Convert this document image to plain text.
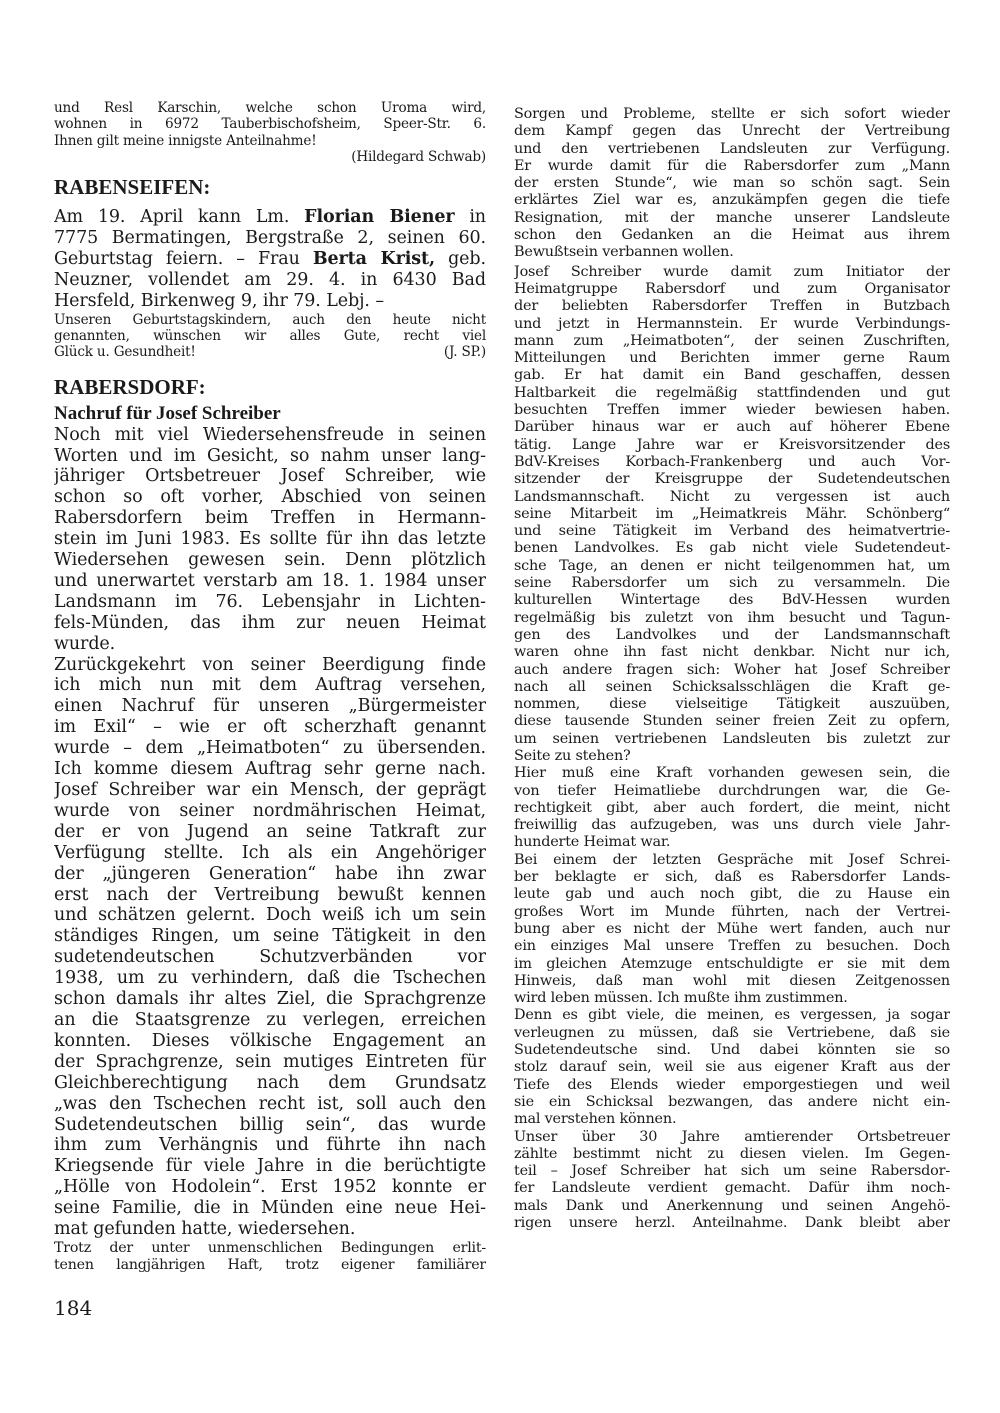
und Resl Karschin, welche schon Uroma wird,
wohnen in 6972 Tauberbischofsheim, Speer-Str. 6.
Ihnen gilt meine innigste Anteilnahme!
(Hildegard Schwab)
RABENSEIFEN:
Am 19. April kann Lm. Florian Biener in
7775 Bermatingen, Bergstraße 2, seinen 60.
Geburtstag feiern. – Frau Berta Krist, geb.
Neuzner, vollendet am 29. 4. in 6430 Bad
Hersfeld, Birkenweg 9, ihr 79. Lebj. –
Unseren Geburtstagskindern, auch den heute nicht
genannten, wünschen wir alles Gute, recht viel
Glück u. Gesundheit!	(J. SP.)
RABERSDORF:
Nachruf für Josef Schreiber
Noch mit viel Wiedersehensfreude in seinen
Worten und im Gesicht, so nahm unser lang-
jähriger Ortsbetreuer Josef Schreiber, wie
schon so oft vorher, Abschied von seinen
Rabersdorfern beim Treffen in Hermann-
stein im Juni 1983. Es sollte für ihn das letzte
Wiedersehen gewesen sein. Denn plötzlich
und unerwartet verstarb am 18. 1. 1984 unser
Landsmann im 76. Lebensjahr in Lichten-
fels-Münden, das ihm zur neuen Heimat
wurde.
Zurückgekehrt von seiner Beerdigung finde
ich mich nun mit dem Auftrag versehen,
einen Nachruf für unseren „Bürgermeister
im Exil“ – wie er oft scherzhaft genannt
wurde – dem „Heimatboten“ zu übersenden.
Ich komme diesem Auftrag sehr gerne nach.
Josef Schreiber war ein Mensch, der geprägt
wurde von seiner nordmährischen Heimat,
der er von Jugend an seine Tatkraft zur
Verfügung stellte. Ich als ein Angehöriger
der „jüngeren Generation“ habe ihn zwar
erst nach der Vertreibung bewußt kennen
und schätzen gelernt. Doch weiß ich um sein
ständiges Ringen, um seine Tätigkeit in den
sudetendeutschen Schutzverbänden vor
1938, um zu verhindern, daß die Tschechen
schon damals ihr altes Ziel, die Sprachgrenze
an die Staatsgrenze zu verlegen, erreichen
konnten. Dieses völkische Engagement an
der Sprachgrenze, sein mutiges Eintreten für
Gleichberechtigung nach dem Grundsatz
„was den Tschechen recht ist, soll auch den
Sudetendeutschen billig sein“, das wurde
ihm zum Verhängnis und führte ihn nach
Kriegsende für viele Jahre in die berüchtigte
„Hölle von Hodolein“. Erst 1952 konnte er
seine Familie, die in Münden eine neue Hei-
mat gefunden hatte, wiedersehen.
Trotz der unter unmenschlichen Bedingungen erlit-
tenen langjährigen Haft, trotz eigener familiärer
Sorgen und Probleme, stellte er sich sofort wieder
dem Kampf gegen das Unrecht der Vertreibung
und den vertriebenen Landsleuten zur Verfügung.
Er wurde damit für die Rabersdorfer zum „Mann
der ersten Stunde“, wie man so schön sagt. Sein
erklärtes Ziel war es, anzukämpfen gegen die tiefe
Resignation, mit der manche unserer Landsleute
schon den Gedanken an die Heimat aus ihrem
Bewußtsein verbannen wollen.
Josef Schreiber wurde damit zum Initiator der
Heimatgruppe Rabersdorf und zum Organisator
der beliebten Rabersdorfer Treffen in Butzbach
und jetzt in Hermannstein. Er wurde Verbindungs-
mann zum „Heimatboten“, der seinen Zuschriften,
Mitteilungen und Berichten immer gerne Raum
gab. Er hat damit ein Band geschaffen, dessen
Haltbarkeit die regelmäßig stattfindenden und gut
besuchten Treffen immer wieder bewiesen haben.
Darüber hinaus war er auch auf höherer Ebene
tätig. Lange Jahre war er Kreisvorsitzender des
BdV-Kreises Korbach-Frankenberg und auch Vor-
sitzender der Kreisgruppe der Sudetendeutschen
Landsmannschaft. Nicht zu vergessen ist auch
seine Mitarbeit im „Heimatkreis Mähr. Schönberg“
und seine Tätigkeit im Verband des heimatvertrie-
benen Landvolkes. Es gab nicht viele Sudetendeut-
sche Tage, an denen er nicht teilgenommen hat, um
seine Rabersdorfer um sich zu versammeln. Die
kulturellen Wintertage des BdV-Hessen wurden
regelmäßig bis zuletzt von ihm besucht und Tagun-
gen des Landvolkes und der Landsmannschaft
waren ohne ihn fast nicht denkbar. Nicht nur ich,
auch andere fragen sich: Woher hat Josef Schreiber
nach all seinen Schicksalsschlägen die Kraft ge-
nommen, diese vielseitige Tätigkeit auszuüben,
diese tausende Stunden seiner freien Zeit zu opfern,
um seinen vertriebenen Landsleuten bis zuletzt zur
Seite zu stehen?
Hier muß eine Kraft vorhanden gewesen sein, die
von tiefer Heimatliebe durchdrungen war, die Ge-
rechtigkeit gibt, aber auch fordert, die meint, nicht
freiwillig das aufzugeben, was uns durch viele Jahr-
hunderte Heimat war.
Bei einem der letzten Gespräche mit Josef Schrei-
ber beklagte er sich, daß es Rabersdorfer Lands-
leute gab und auch noch gibt, die zu Hause ein
großes Wort im Munde führten, nach der Vertrei-
bung aber es nicht der Mühe wert fanden, auch nur
ein einziges Mal unsere Treffen zu besuchen. Doch
im gleichen Atemzuge entschuldigte er sie mit dem
Hinweis, daß man wohl mit diesen Zeitgenossen
wird leben müssen. Ich mußte ihm zustimmen.
Denn es gibt viele, die meinen, es vergessen, ja sogar
verleugnen zu müssen, daß sie Vertriebene, daß sie
Sudetendeutsche sind. Und dabei könnten sie so
stolz darauf sein, weil sie aus eigener Kraft aus der
Tiefe des Elends wieder emporgestiegen und weil
sie ein Schicksal bezwangen, das andere nicht ein-
mal verstehen können.
Unser über 30 Jahre amtierender Ortsbetreuer
zählte bestimmt nicht zu diesen vielen. Im Gegen-
teil – Josef Schreiber hat sich um seine Rabersdor-
fer Landsleute verdient gemacht. Dafür ihm noch-
mals Dank und Anerkennung und seinen Angehö-
rigen unsere herzl. Anteilnahme. Dank bleibt aber
184
